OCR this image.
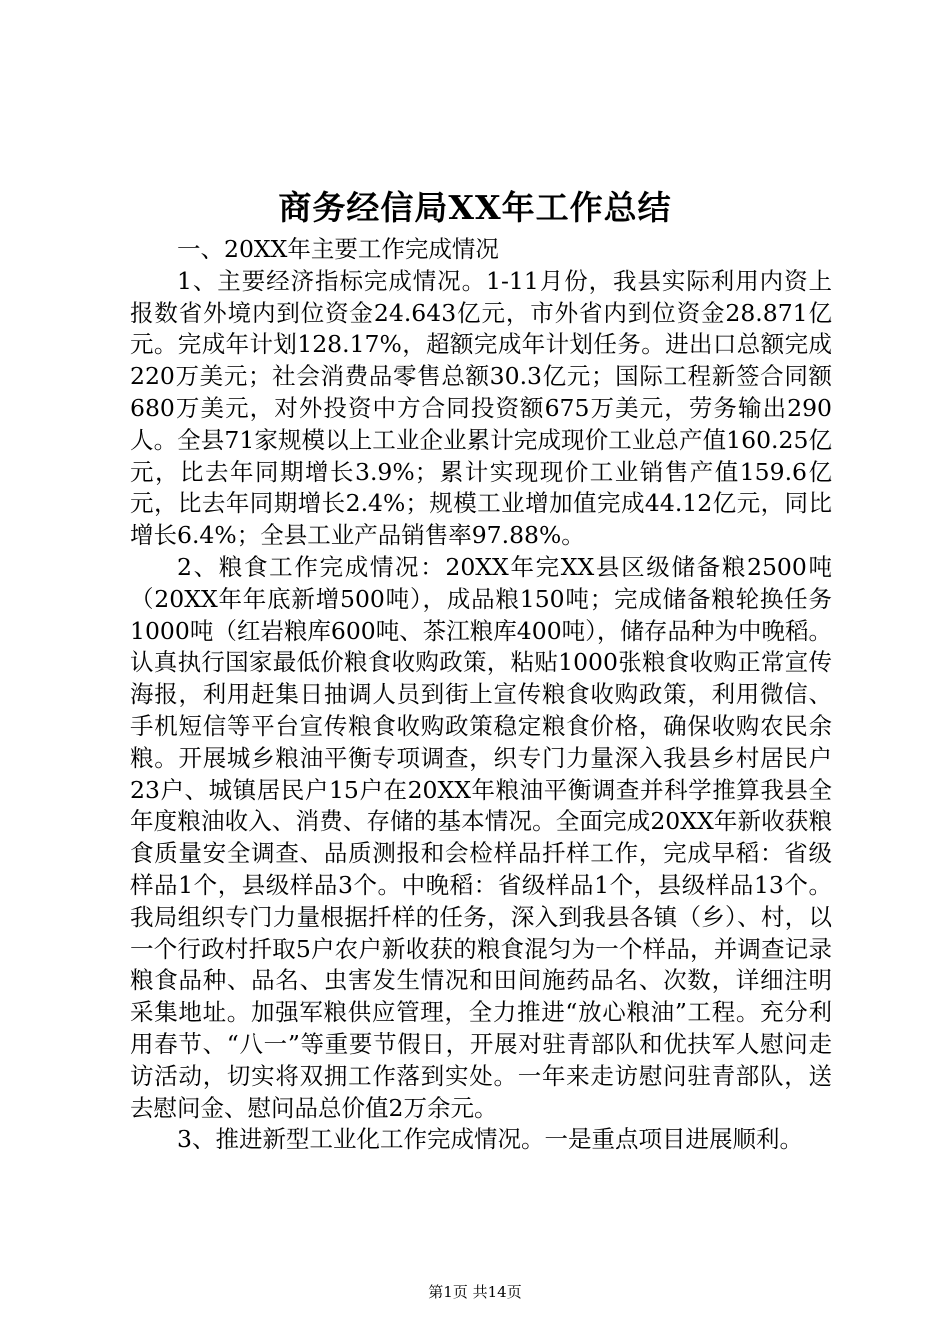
商务经信局XX年工作总结

一、20XX年主要工作完成情况

1、主要经济指标完成情况。1-11月份，我县实际利用内资上报数省外境内到位资金24.643亿元，市外省内到位资金28.871亿元。完成年计划128.17%，超额完成年计划任务。进出口总额完成220万美元；社会消费品零售总额30.3亿元；国际工程新签合同额680万美元，对外投资中方合同投资额675万美元，劳务输出290人。全县71家规模以上工业企业累计完成现价工业总产值160.25亿元，比去年同期增长3.9%；累计实现现价工业销售产值159.6亿元，比去年同期增长2.4%；规模工业增加值完成44.12亿元，同比增长6.4%；全县工业产品销售率97.88%。

2、粮食工作完成情况：20XX年完XX县区级储备粮2500吨（20XX年年底新增500吨），成品粮150吨；完成储备粮轮换任务1000吨（红岩粮库600吨、茶江粮库400吨），储存品种为中晚稻。认真执行国家最低价粮食收购政策，粘贴1000张粮食收购正常宣传海报，利用赶集日抽调人员到街上宣传粮食收购政策，利用微信、手机短信等平台宣传粮食收购政策稳定粮食价格，确保收购农民余粮。开展城乡粮油平衡专项调查，织专门力量深入我县乡村居民户23户、城镇居民户15户在20XX年粮油平衡调查并科学推算我县全年度粮油收入、消费、存储的基本情况。全面完成20XX年新收获粮食质量安全调查、品质测报和会检样品扦样工作，完成早稻：省级样品1个，县级样品3个。中晚稻：省级样品1个，县级样品13个。我局组织专门力量根据扦样的任务，深入到我县各镇（乡）、村，以一个行政村扦取5户农户新收获的粮食混匀为一个样品，并调查记录粮食品种、品名、虫害发生情况和田间施药品名、次数，详细注明采集地址。加强军粮供应管理，全力推进“放心粮油”工程。充分利用春节、“八一”等重要节假日，开展对驻青部队和优扶军人慰问走访活动，切实将双拥工作落到实处。一年来走访慰问驻青部队，送去慰问金、慰问品总价值2万余元。

3、推进新型工业化工作完成情况。一是重点项目进展顺利。

第1页 共14页
